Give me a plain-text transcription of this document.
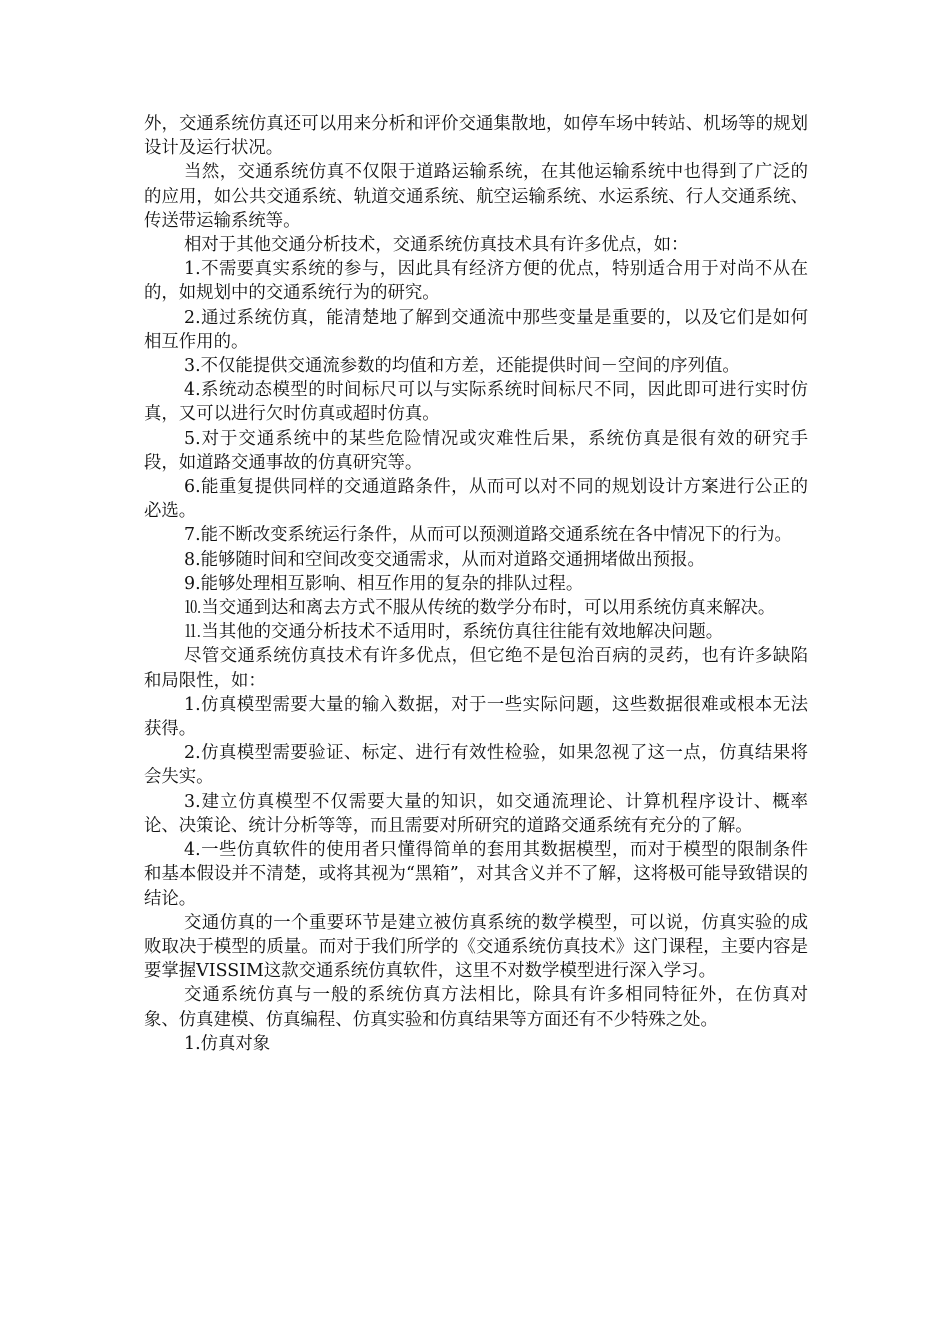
外，交通系统仿真还可以用来分析和评价交通集散地，如停车场中转站、机场等的规划设计及运行状况。

当然，交通系统仿真不仅限于道路运输系统，在其他运输系统中也得到了广泛的的应用，如公共交通系统、轨道交通系统、航空运输系统、水运系统、行人交通系统、传送带运输系统等。

相对于其他交通分析技术，交通系统仿真技术具有许多优点，如：

1.不需要真实系统的参与，因此具有经济方便的优点，特别适合用于对尚不从在的，如规划中的交通系统行为的研究。

2.通过系统仿真，能清楚地了解到交通流中那些变量是重要的，以及它们是如何相互作用的。

3.不仅能提供交通流参数的均值和方差，还能提供时间－空间的序列值。

4.系统动态模型的时间标尺可以与实际系统时间标尺不同，因此即可进行实时仿真，又可以进行欠时仿真或超时仿真。

5.对于交通系统中的某些危险情况或灾难性后果，系统仿真是很有效的研究手段，如道路交通事故的仿真研究等。

6.能重复提供同样的交通道路条件，从而可以对不同的规划设计方案进行公正的必选。

7.能不断改变系统运行条件，从而可以预测道路交通系统在各中情况下的行为。

8.能够随时间和空间改变交通需求，从而对道路交通拥堵做出预报。

9.能够处理相互影响、相互作用的复杂的排队过程。

⒑当交通到达和离去方式不服从传统的数学分布时，可以用系统仿真来解决。

⒒当其他的交通分析技术不适用时，系统仿真往往能有效地解决问题。

尽管交通系统仿真技术有许多优点，但它绝不是包治百病的灵药，也有许多缺陷和局限性，如：

1.仿真模型需要大量的输入数据，对于一些实际问题，这些数据很难或根本无法获得。

2.仿真模型需要验证、标定、进行有效性检验，如果忽视了这一点，仿真结果将会失实。

3.建立仿真模型不仅需要大量的知识，如交通流理论、计算机程序设计、概率论、决策论、统计分析等等，而且需要对所研究的道路交通系统有充分的了解。

4.一些仿真软件的使用者只懂得简单的套用其数据模型，而对于模型的限制条件和基本假设并不清楚，或将其视为“黑箱”，对其含义并不了解，这将极可能导致错误的结论。

交通仿真的一个重要环节是建立被仿真系统的数学模型，可以说，仿真实验的成败取决于模型的质量。而对于我们所学的《交通系统仿真技术》这门课程，主要内容是要掌握VISSIM这款交通系统仿真软件，这里不对数学模型进行深入学习。

交通系统仿真与一般的系统仿真方法相比，除具有许多相同特征外，在仿真对象、仿真建模、仿真编程、仿真实验和仿真结果等方面还有不少特殊之处。

1.仿真对象
